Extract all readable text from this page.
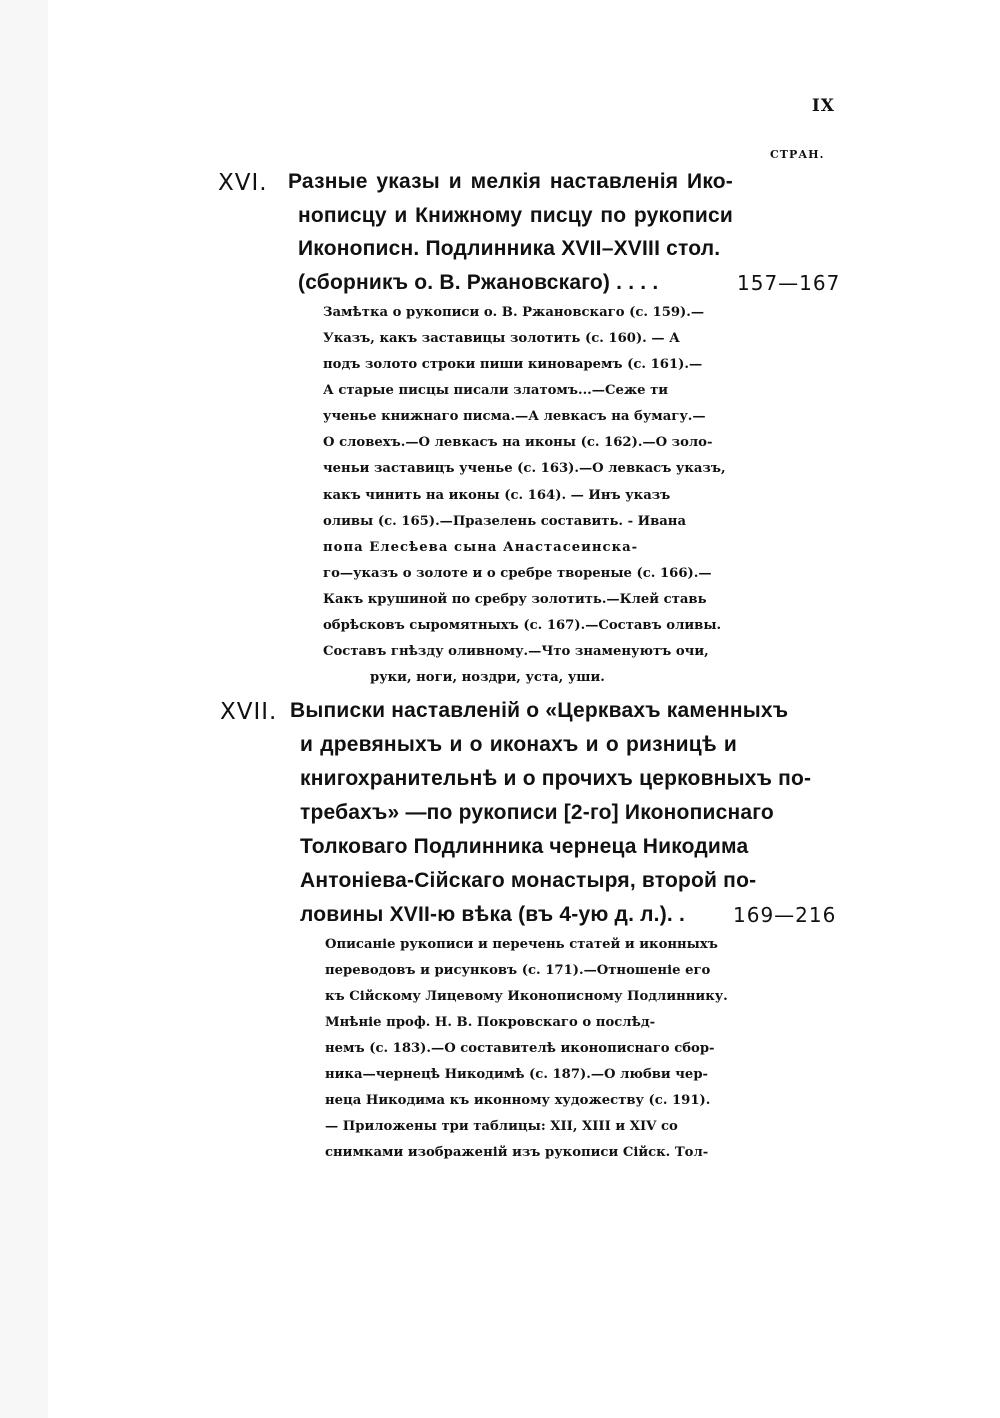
IX
СТРАН.
XVI. Разные указы и мелкія наставленія Ико-
нописцу и Книжному писцу по рукописи
Иконописн. Подлинника XVII–XVIII стол.
(сборникъ о. В. Ржановскаго) . . . .	157—167
Замѣтка о рукописи о. В. Ржановскаго (с. 159).—
Указъ, какъ заставицы золотить (с. 160). — А
подъ золото строки пиши киноваремъ (с. 161).—
А старые писцы писали златомъ...—Сеже ти
ученье книжнаго писма.—А левкасъ на бумагу.—
О словехъ.—О левкасъ на иконы (с. 162).—О золо-
ченьи заставицъ ученье (с. 163).—О левкасъ указъ,
какъ чинить на иконы (с. 164). — Инъ указъ
оливы (с. 165).—Празелень составить. - Ивана
попа Елесѣева сына Анастасеинска-
го—указъ о золоте и о сребре твореные (с. 166).—
Какъ крушиной по сребру золотить.—Клей ставь
обрѣсковъ сыромятныхъ (с. 167).—Составъ оливы.
Составъ гнѣзду оливному.—Что знаменуютъ очи,
руки, ноги, ноздри, уста, уши.
XVII. Выписки наставленій о «Церквахъ каменныхъ
и древяныхъ и о иконахъ и о ризницѣ и
книгохранительнѣ и о прочихъ церковныхъ по-
требахъ» —по рукописи [2-го] Иконописнаго
Толковаго Подлинника чернеца Никодима
Антоніева-Сійскаго монастыря, второй по-
ловины XVII-ю вѣка (въ 4-ую д. л.). . 169—216
Описаніе рукописи и перечень статей и иконныхъ
переводовъ и рисунковъ (с. 171).—Отношеніе его
къ Сійскому Лицевому Иконописному Подлиннику.
Мнѣніе проф. Н. В. Покровскаго о послѣд-
немъ (с. 183).—О составителѣ иконописнаго сбор-
ника—чернецѣ Никодимѣ (с. 187).—О любви чер-
неца Никодима къ иконному художеству (с. 191).
— Приложены три таблицы: XII, XIII и XIV со
снимками изображеній изъ рукописи Сійск. Тол-
